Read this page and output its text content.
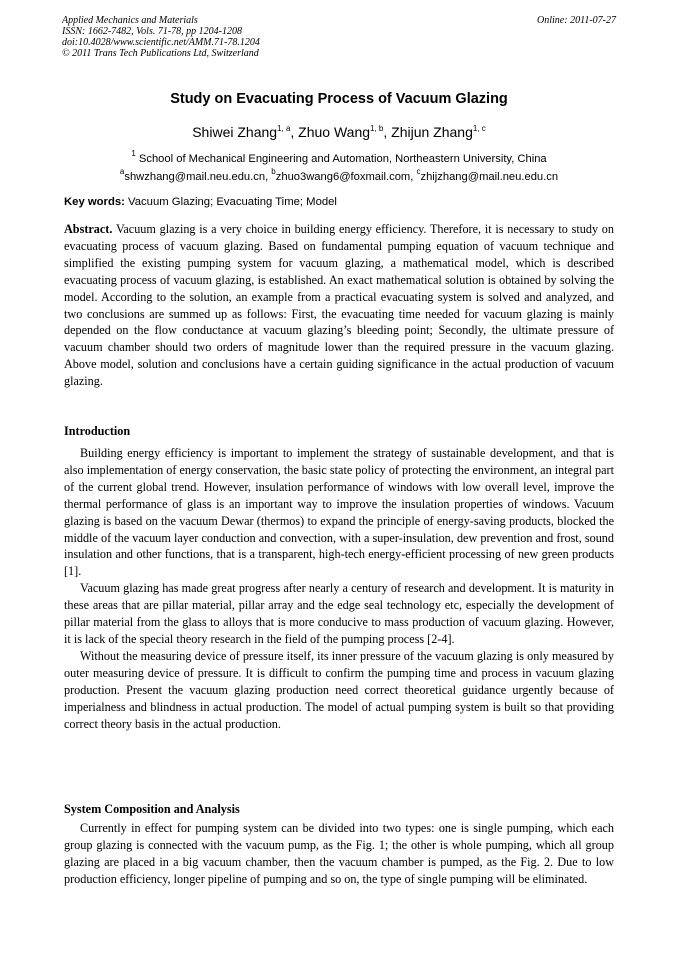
Applied Mechanics and Materials
ISSN: 1662-7482, Vols. 71-78, pp 1204-1208
doi:10.4028/www.scientific.net/AMM.71-78.1204
© 2011 Trans Tech Publications Ltd, Switzerland
Online: 2011-07-27
Study on Evacuating Process of Vacuum Glazing
Shiwei Zhang$^{1, a}$, Zhuo Wang$^{1, b}$, Zhijun Zhang$^{1, c}$
$^1$ School of Mechanical Engineering and Automation, Northeastern University, China
$^a$shwzhang@mail.neu.edu.cn, $^b$zhuo3wang6@foxmail.com, $^c$zhijzhang@mail.neu.edu.cn
Key words: Vacuum Glazing; Evacuating Time; Model

Abstract. Vacuum glazing is a very choice in building energy efficiency. Therefore, it is necessary to study on evacuating process of vacuum glazing. Based on fundamental pumping equation of vacuum technique and simplified the existing pumping system for vacuum glazing, a mathematical model, which is described evacuating process of vacuum glazing, is established. An exact mathematical solution is obtained by solving the model. According to the solution, an example from a practical evacuating system is solved and analyzed, and two conclusions are summed up as follows: First, the evacuating time needed for vacuum glazing is mainly depended on the flow conductance at vacuum glazing’s bleeding point; Secondly, the ultimate pressure of vacuum chamber should two orders of magnitude lower than the required pressure in the vacuum glazing. Above model, solution and conclusions have a certain guiding significance in the actual production of vacuum glazing.

Introduction

Building energy efficiency is important to implement the strategy of sustainable development, and that is also implementation of energy conservation, the basic state policy of protecting the environment, an integral part of the current global trend. However, insulation performance of windows with low overall level, improve the thermal performance of glass is an important way to improve the insulation properties of windows. Vacuum glazing is based on the vacuum Dewar (thermos) to expand the principle of energy-saving products, blocked the middle of the vacuum layer conduction and convection, with a super-insulation, dew prevention and frost, sound insulation and other functions, that is a transparent, high-tech energy-efficient processing of new green products [1].

Vacuum glazing has made great progress after nearly a century of research and development. It is maturity in these areas that are pillar material, pillar array and the edge seal technology etc, especially the development of pillar material from the glass to alloys that is more conducive to mass production of vacuum glazing. However, it is lack of the special theory research in the field of the pumping process [2-4].

Without the measuring device of pressure itself, its inner pressure of the vacuum glazing is only measured by outer measuring device of pressure. It is difficult to confirm the pumping time and process in vacuum glazing production. Present the vacuum glazing production need correct theoretical guidance urgently because of imperialness and blindness in actual production. The model of actual pumping system is built so that providing correct theory basis in the actual production.

System Composition and Analysis

Currently in effect for pumping system can be divided into two types: one is single pumping, which each group glazing is connected with the vacuum pump, as the Fig. 1; the other is whole pumping, which all group glazing are placed in a big vacuum chamber, then the vacuum chamber is pumped, as the Fig. 2. Due to low production efficiency, longer pipeline of pumping and so on, the type of single pumping will be eliminated.
